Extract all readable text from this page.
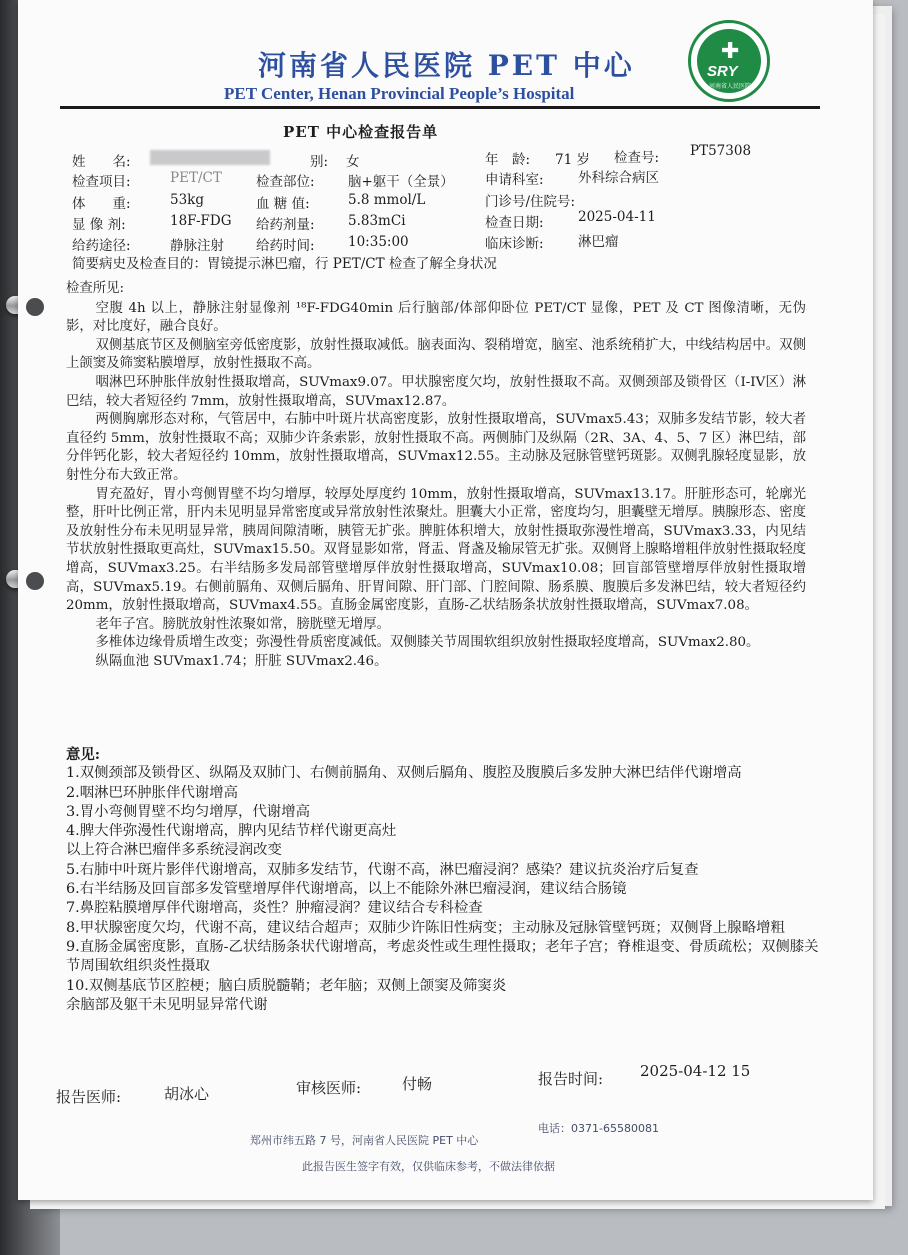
河南省人民医院 PET 中心
PET Center, Henan Provincial People’s Hospital
✚
SRY
河南省人民医院
PET 中心检查报告单
姓　　名:	别: 女	年　龄: 71 岁 检查号: PT57308
检查项目:	PET/CT	检查部位: 脑+躯干（全景） 申请科室:	外科综合病区
体　　重:	53kg	血 糖 值:	5.8 mmol/L	门诊号/住院号:
显 像 剂:	18F-FDG 给药剂量: 5.83mCi	检查日期:	2025-04-11
给药途径:	静脉注射 给药时间: 10:35:00	临床诊断:	淋巴瘤
简要病史及检查目的：胃镜提示淋巴瘤，行 PET/CT 检查了解全身状况

检查所见:

空腹 4h 以上，静脉注射显像剂 ¹⁸F-FDG40min 后行脑部/体部仰卧位 PET/CT 显像，PET 及 CT 图像清晰，无伪影，对比度好，融合良好。

双侧基底节区及侧脑室旁低密度影，放射性摄取减低。脑表面沟、裂稍增宽，脑室、池系统稍扩大，中线结构居中。双侧上颌窦及筛窦粘膜增厚，放射性摄取不高。

咽淋巴环肿胀伴放射性摄取增高，SUVmax9.07。甲状腺密度欠均，放射性摄取不高。双侧颈部及锁骨区（I-IV区）淋巴结，较大者短径约 7mm，放射性摄取增高，SUVmax12.87。

两侧胸廓形态对称，气管居中，右肺中叶斑片状高密度影，放射性摄取增高，SUVmax5.43；双肺多发结节影，较大者直径约 5mm，放射性摄取不高；双肺少许条索影，放射性摄取不高。两侧肺门及纵隔（2R、3A、4、5、7 区）淋巴结，部分伴钙化影，较大者短径约 10mm，放射性摄取增高，SUVmax12.55。主动脉及冠脉管壁钙斑影。双侧乳腺轻度显影，放射性分布大致正常。

胃充盈好，胃小弯侧胃壁不均匀增厚，较厚处厚度约 10mm，放射性摄取增高，SUVmax13.17。肝脏形态可，轮廓光整，肝叶比例正常，肝内未见明显异常密度或异常放射性浓聚灶。胆囊大小正常，密度均匀，胆囊壁无增厚。胰腺形态、密度及放射性分布未见明显异常，胰周间隙清晰，胰管无扩张。脾脏体积增大，放射性摄取弥漫性增高，SUVmax3.33，内见结节状放射性摄取更高灶，SUVmax15.50。双肾显影如常，肾盂、肾盏及输尿管无扩张。双侧肾上腺略增粗伴放射性摄取轻度增高，SUVmax3.25。右半结肠多发局部管壁增厚伴放射性摄取增高，SUVmax10.08；回盲部管壁增厚伴放射性摄取增高，SUVmax5.19。右侧前膈角、双侧后膈角、肝胃间隙、肝门部、门腔间隙、肠系膜、腹膜后多发淋巴结，较大者短径约 20mm，放射性摄取增高，SUVmax4.55。直肠金属密度影，直肠-乙状结肠条状放射性摄取增高，SUVmax7.08。

老年子宫。膀胱放射性浓聚如常，膀胱壁无增厚。

多椎体边缘骨质增生改变；弥漫性骨质密度减低。双侧膝关节周围软组织放射性摄取轻度增高，SUVmax2.80。

纵隔血池 SUVmax1.74；肝脏 SUVmax2.46。

意见:

1.双侧颈部及锁骨区、纵隔及双肺门、右侧前膈角、双侧后膈角、腹腔及腹膜后多发肿大淋巴结伴代谢增高

2.咽淋巴环肿胀伴代谢增高

3.胃小弯侧胃壁不均匀增厚，代谢增高

4.脾大伴弥漫性代谢增高，脾内见结节样代谢更高灶

以上符合淋巴瘤伴多系统浸润改变

5.右肺中叶斑片影伴代谢增高，双肺多发结节，代谢不高，淋巴瘤浸润？感染？建议抗炎治疗后复查

6.右半结肠及回盲部多发管壁增厚伴代谢增高，以上不能除外淋巴瘤浸润，建议结合肠镜

7.鼻腔粘膜增厚伴代谢增高，炎性？肿瘤浸润？建议结合专科检查

8.甲状腺密度欠均，代谢不高，建议结合超声；双肺少许陈旧性病变；主动脉及冠脉管壁钙斑；双侧肾上腺略增粗

9.直肠金属密度影，直肠-乙状结肠条状代谢增高，考虑炎性或生理性摄取；老年子宫；脊椎退变、骨质疏松；双侧膝关节周围软组织炎性摄取

10.双侧基底节区腔梗；脑白质脱髓鞘；老年脑；双侧上颌窦及筛窦炎

余脑部及躯干未见明显异常代谢

报告医师:	胡冰心	审核医师:	付畅	报告时间: 2025-04-12 15
郑州市纬五路 7 号，河南省人民医院 PET 中心
电话：0371-65580081
此报告医生签字有效，仅供临床参考，不做法律依据
